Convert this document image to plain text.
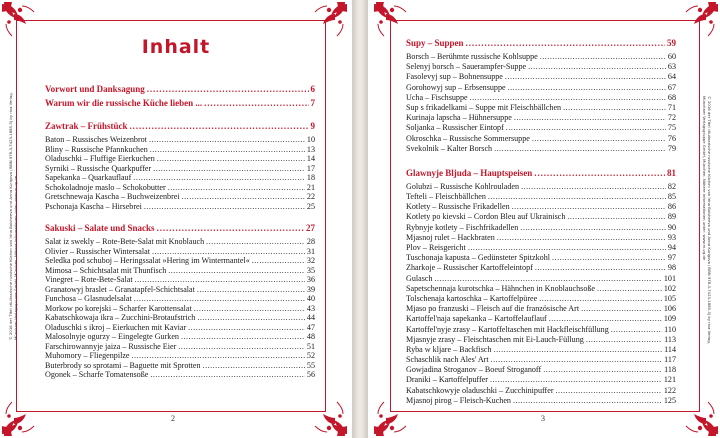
Inhalt
© 2016 der Titel »Kulinarische russische Küche« von Irina Bolsheeva und Anna Kurigova (ISBN 978-3-7423-1885-3) by riva Verlag, Münchner Verlagsgruppe GmbH, München. Nähere Informationen unter: www.m-vg.de
Vorwort und Danksagung .....	6
Warum wir die russische Küche lieben ... .....	7
Zawtrak – Frühstück .....	9
Baton – Russisches Weizenbrot .....	10
Bliny – Russische Pfannkuchen .....	13
Oladuschki – Fluffige Eierkuchen .....	14
Syrniki – Russische Quarkpuffer .....	17
Sapekanka – Quarkauflauf .....	18
Schokoladnoje maslo – Schokobutter .....	21
Gretschnewaja Kascha – Buchweizenbrei .....	22
Pschonaja Kascha – Hirsebrei .....	25
Sakuski – Salate und Snacks .....	27
Salat iz swekly – Rote-Bete-Salat mit Knoblauch .....	28
Olivier – Russischer Wintersalat .....	31
Seledka pod schuboj – Heringssalat »Hering im Wintermantel« .....	32
Mimosa – Schichtsalat mit Thunfisch .....	35
Vinegret – Rote-Bete-Salat .....	36
Granatowyj braslet – Granatapfel-Schichtsalat .....	39
Funchosa – Glasnudelsalat .....	40
Morkow po korejski – Scharfer Karottensalat .....	43
Kabatschkowaja ikra – Zucchini-Brotaufstrich .....	44
Oladuschki s ikroj – Eierkuchen mit Kaviar .....	47
Malosolnyje ogurzy – Eingelegte Gurken .....	48
Farschirowannyje jaiza – Russische Eier .....	51
Muhomory – Fliegenpilze .....	52
Buterbrody so sprotami – Baguette mit Sprotten .....	55
Ogonek – Scharfe Tomatensoße .....	56
2
© 2016 der Titel »Kulinarische russische Küche« von Irina Bolsheeva und Anna Kurigova (ISBN 978-3-7423-1885-3) by riva Verlag,
Münchner Verlagsgruppe GmbH, München. Nähere Informationen unter: www.m-vg.de
Supy – Suppen .....	59
Borsch – Berühmte russische Kohlsuppe .....	60
Selenyj borsch – Sauerampfer-Suppe .....	63
Fasolevyj sup – Bohnensuppe .....	64
Gorohowyj sup – Erbsensuppe .....	67
Ucha – Fischsuppe .....	68
Sup s frikadelkami – Suppe mit Fleischbällchen .....	71
Kurinaja lapscha – Hühnersuppe .....	72
Soljanka – Russischer Eintopf .....	75
Okroschka – Russische Sommersuppe .....	76
Svekolnik – Kalter Borsch .....	79
Glawnyje Bljuda – Hauptspeisen .....	81
Golubzi – Russische Kohlrouladen .....	82
Tefteli – Fleischbällchen .....	85
Kotlety – Russische Frikadellen .....	86
Kotlety po kievski – Cordon Bleu auf Ukrainisch .....	89
Rybnyje kotlety – Fischfrikadellen .....	90
Mjasnoj rulet – Hackbraten .....	93
Plov – Reisgericht .....	94
Tuschonaja kapusta – Gedünsteter Spitzkohl .....	97
Zharkoje – Russischer Kartoffeleintopf .....	98
Gulasch .....	101
Sapetschennaja kurotschka – Hähnchen in Knoblauchsoße .....	102
Tolschenaja kartoschka – Kartoffelpüree .....	105
Mjaso po franzuski – Fleisch auf die französische Art .....	106
Kartoffel'naja sapekanka – Kartoffelauflauf .....	109
Kartoffel'nyje zrasy – Kartoffeltaschen mit Hackfleischfüllung .....	110
Mjasnyje zrasy – Fleischtaschen mit Ei-Lauch-Füllung .....	113
Ryba w kljare – Backfisch .....	114
Schaschlik nach Ales' Art .....	117
Gowjadina Stroganov – Boeuf Stroganoff .....	118
Draniki – Kartoffelpuffer .....	121
Kabatschkowyje oladuschki – Zucchinipuffer .....	122
Mjasnoj pirog – Fleisch-Kuchen .....	125
3
